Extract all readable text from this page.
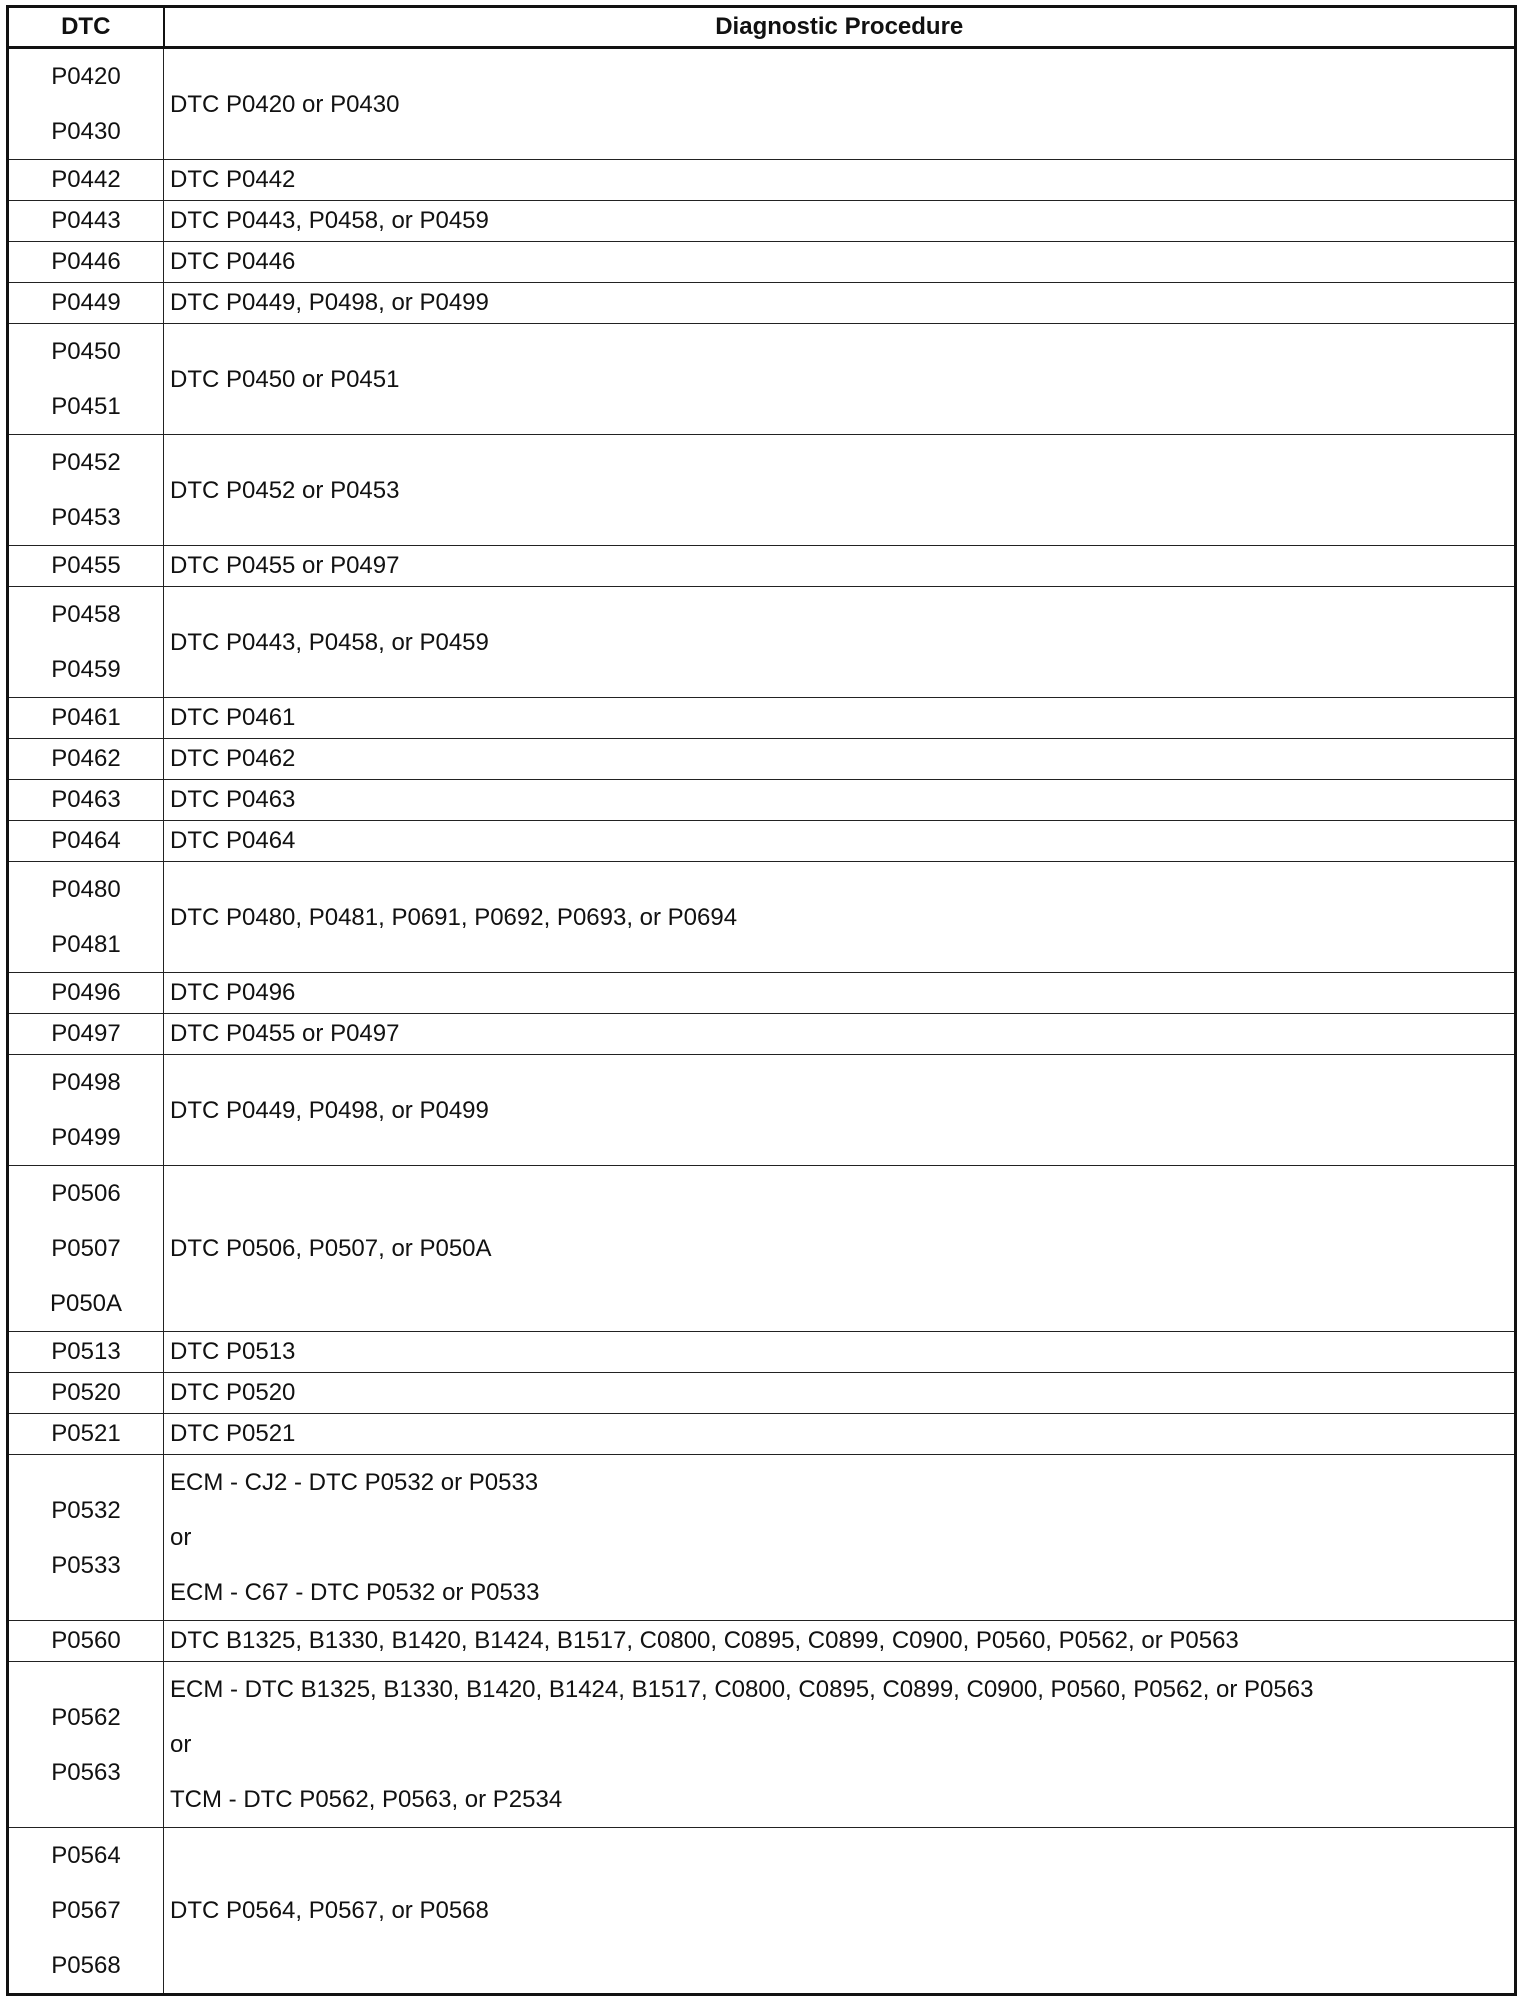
DTC	Diagnostic Procedure

P0420
P0430	DTC P0420 or P0430

P0442	DTC P0442

P0443	DTC P0443, P0458, or P0459

P0446	DTC P0446

P0449	DTC P0449, P0498, or P0499

P0450
P0451	DTC P0450 or P0451

P0452
P0453	DTC P0452 or P0453

P0455	DTC P0455 or P0497

P0458
P0459	DTC P0443, P0458, or P0459

P0461	DTC P0461

P0462	DTC P0462

P0463	DTC P0463

P0464	DTC P0464

P0480
P0481	DTC P0480, P0481, P0691, P0692, P0693, or P0694

P0496	DTC P0496

P0497	DTC P0455 or P0497

P0498
P0499	DTC P0449, P0498, or P0499

P0506
P0507
P050A	DTC P0506, P0507, or P050A

P0513	DTC P0513

P0520	DTC P0520

P0521	DTC P0521

P0532
P0533	ECM - CJ2 - DTC P0532 or P0533
or
ECM - C67 - DTC P0532 or P0533

P0560	DTC B1325, B1330, B1420, B1424, B1517, C0800, C0895, C0899, C0900, P0560, P0562, or P0563

P0562
P0563	ECM - DTC B1325, B1330, B1420, B1424, B1517, C0800, C0895, C0899, C0900, P0560, P0562, or P0563
or
TCM - DTC P0562, P0563, or P2534

P0564
P0567
P0568	DTC P0564, P0567, or P0568
